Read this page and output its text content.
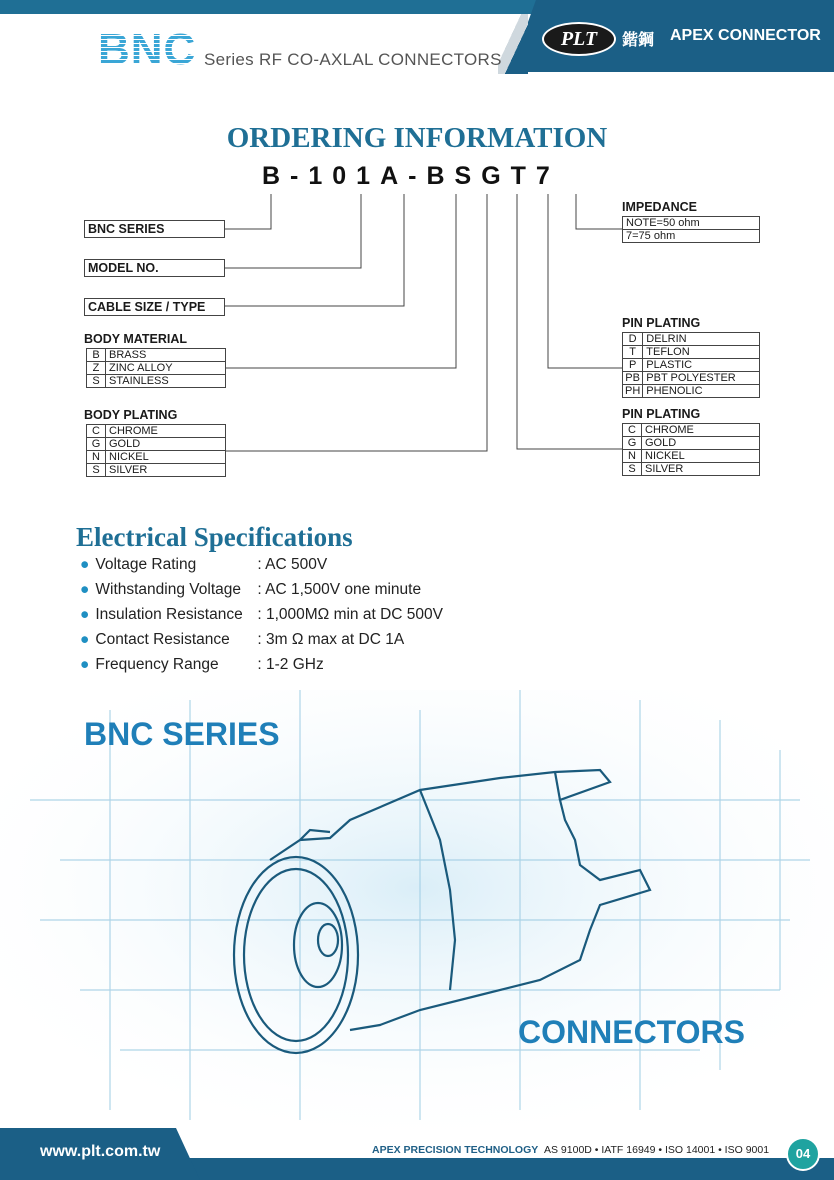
BNC Series RF CO-AXLAL CONNECTORS
PLT	鍇鋼 APEX CONNECTOR
ORDERING INFORMATION
B-101A-BSGT7
BNC SERIES
MODEL NO.
CABLE SIZE / TYPE
BODY MATERIAL
B	BRASS
Z	ZINC ALLOY
S	STAINLESS
BODY PLATING
C	CHROME
G	GOLD
N	NICKEL
S	SILVER
IMPEDANCE
NOTE=50 ohm
7=75 ohm
PIN PLATING
D	DELRIN
T	TEFLON
P	PLASTIC
PB	PBT POLYESTER
PH	PHENOLIC
PIN PLATING
C	CHROME
G	GOLD
N	NICKEL
S	SILVER
Electrical Specifications
● Voltage Rating	: AC 500V
● Withstanding Voltage : AC 1,500V one minute
● Insulation Resistance : 1,000MΩ min at DC 500V
● Contact Resistance : 3m Ω max at DC 1A
● Frequency Range	: 1-2 GHz
BNC SERIES
CONNECTORS
www.plt.com.tw	APEX PRECISION TECHNOLOGY AS 9100D • IATF 16949 • ISO 14001 • ISO 9001	04
